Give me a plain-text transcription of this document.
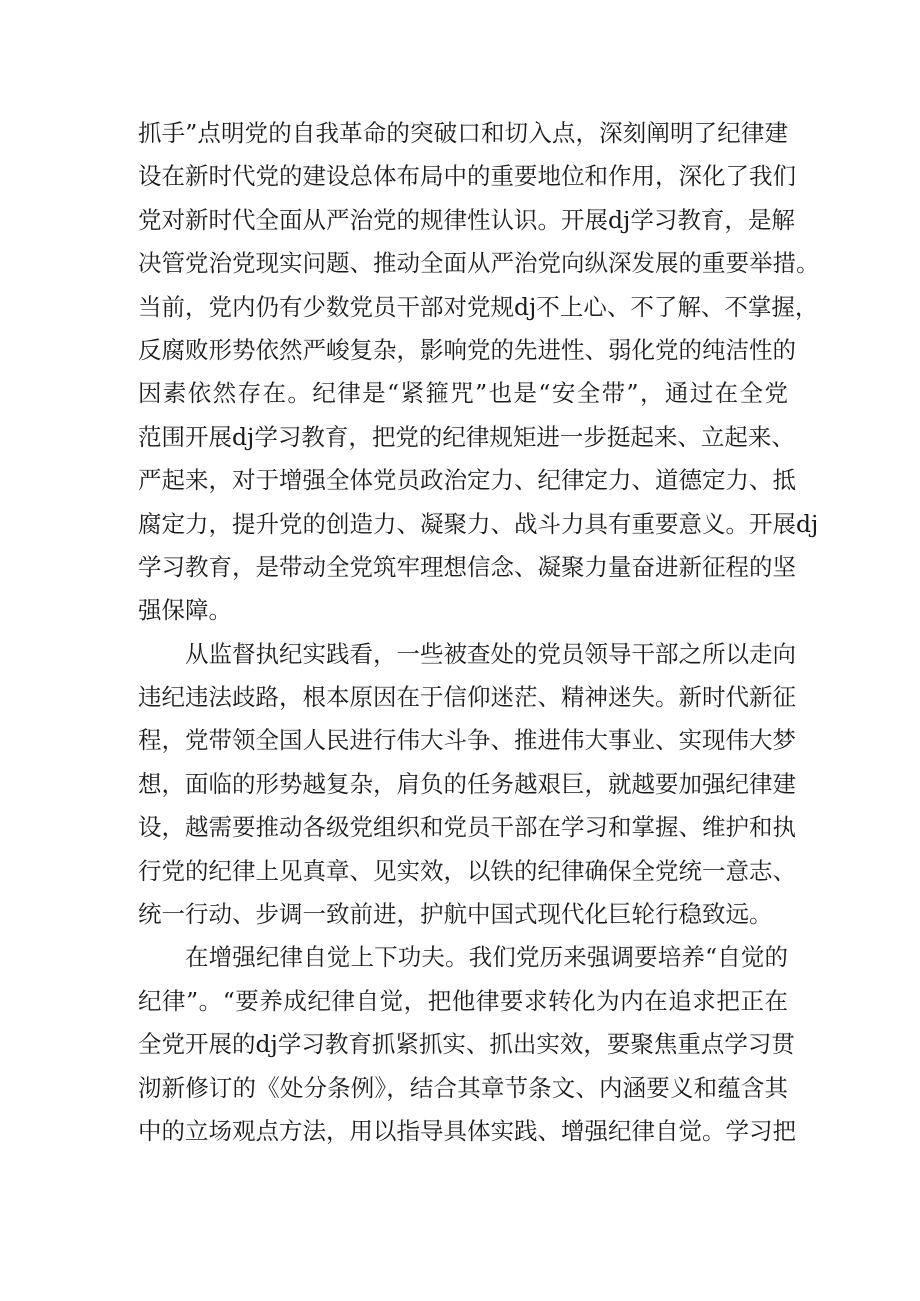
抓手”点明党的自我革命的突破口和切入点，深刻阐明了纪律建
设在新时代党的建设总体布局中的重要地位和作用，深化了我们
党对新时代全面从严治党的规律性认识。开展dj学习教育，是解
决管党治党现实问题、推动全面从严治党向纵深发展的重要举措。
当前，党内仍有少数党员干部对党规dj不上心、不了解、不掌握，
反腐败形势依然严峻复杂，影响党的先进性、弱化党的纯洁性的
因素依然存在。纪律是“紧箍咒”也是“安全带”，通过在全党
范围开展dj学习教育，把党的纪律规矩进一步挺起来、立起来、
严起来，对于增强全体党员政治定力、纪律定力、道德定力、抵
腐定力，提升党的创造力、凝聚力、战斗力具有重要意义。开展dj
学习教育，是带动全党筑牢理想信念、凝聚力量奋进新征程的坚
强保障。
从监督执纪实践看，一些被查处的党员领导干部之所以走向
违纪违法歧路，根本原因在于信仰迷茫、精神迷失。新时代新征
程，党带领全国人民进行伟大斗争、推进伟大事业、实现伟大梦
想，面临的形势越复杂，肩负的任务越艰巨，就越要加强纪律建
设，越需要推动各级党组织和党员干部在学习和掌握、维护和执
行党的纪律上见真章、见实效，以铁的纪律确保全党统一意志、
统一行动、步调一致前进，护航中国式现代化巨轮行稳致远。
在增强纪律自觉上下功夫。我们党历来强调要培养“自觉的
纪律”。“要养成纪律自觉，把他律要求转化为内在追求把正在
全党开展的dj学习教育抓紧抓实、抓出实效，要聚焦重点学习贯
沏新修订的《处分条例》，结合其章节条文、内涵要义和蕴含其
中的立场观点方法，用以指导具体实践、增强纪律自觉。学习把
